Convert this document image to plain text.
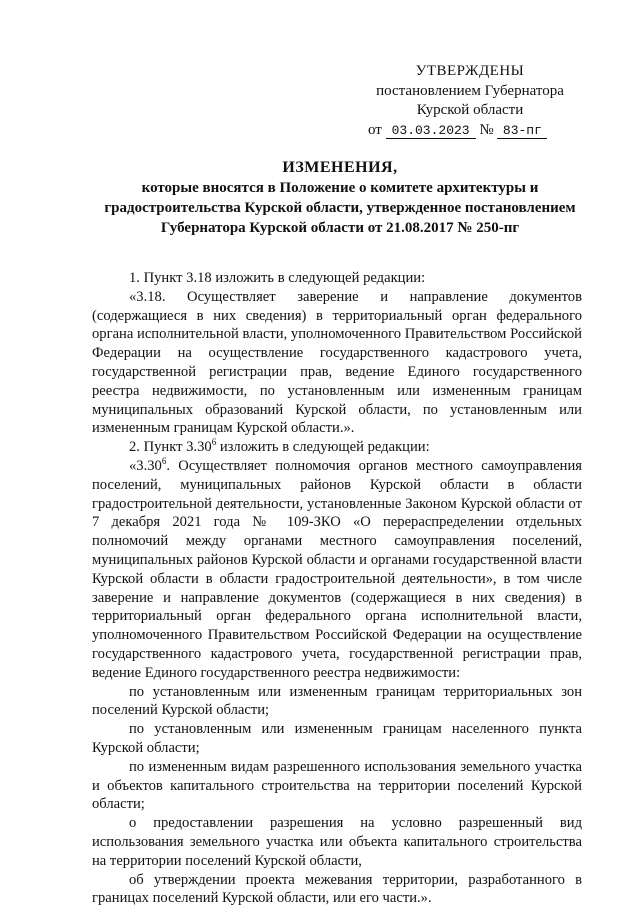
УТВЕРЖДЕНЫ
постановлением Губернатора
Курской области
от 03.03.2023 № 83-пг
ИЗМЕНЕНИЯ,
которые вносятся в Положение о комитете архитектуры и градостроительства Курской области, утвержденное постановлением Губернатора Курской области от 21.08.2017 № 250-пг

1. Пункт 3.18 изложить в следующей редакции:

«3.18. Осуществляет заверение и направление документов (содержащиеся в них сведения) в территориальный орган федерального органа исполнительной власти, уполномоченного Правительством Российской Федерации на осуществление государственного кадастрового учета, государственной регистрации прав, ведение Единого государственного реестра недвижимости, по установленным или измененным границам муниципальных образований Курской области, по установленным или измененным границам Курской области.».

2. Пункт 3.30$^6$ изложить в следующей редакции:

«3.30$^6$. Осуществляет полномочия органов местного самоуправления поселений, муниципальных районов Курской области в области градостроительной деятельности, установленные Законом Курской области от 7 декабря 2021 года № 109-ЗКО «О перераспределении отдельных полномочий между органами местного самоуправления поселений, муниципальных районов Курской области и органами государственной власти Курской области в области градостроительной деятельности», в том числе заверение и направление документов (содержащиеся в них сведения) в территориальный орган федерального органа исполнительной власти, уполномоченного Правительством Российской Федерации на осуществление государственного кадастрового учета, государственной регистрации прав, ведение Единого государственного реестра недвижимости:

по установленным или измененным границам территориальных зон поселений Курской области;

по установленным или измененным границам населенного пункта Курской области;

по измененным видам разрешенного использования земельного участка и объектов капитального строительства на территории поселений Курской области;

о предоставлении разрешения на условно разрешенный вид использования земельного участка или объекта капитального строительства на территории поселений Курской области,

об утверждении проекта межевания территории, разработанного в границах поселений Курской области, или его части.».
